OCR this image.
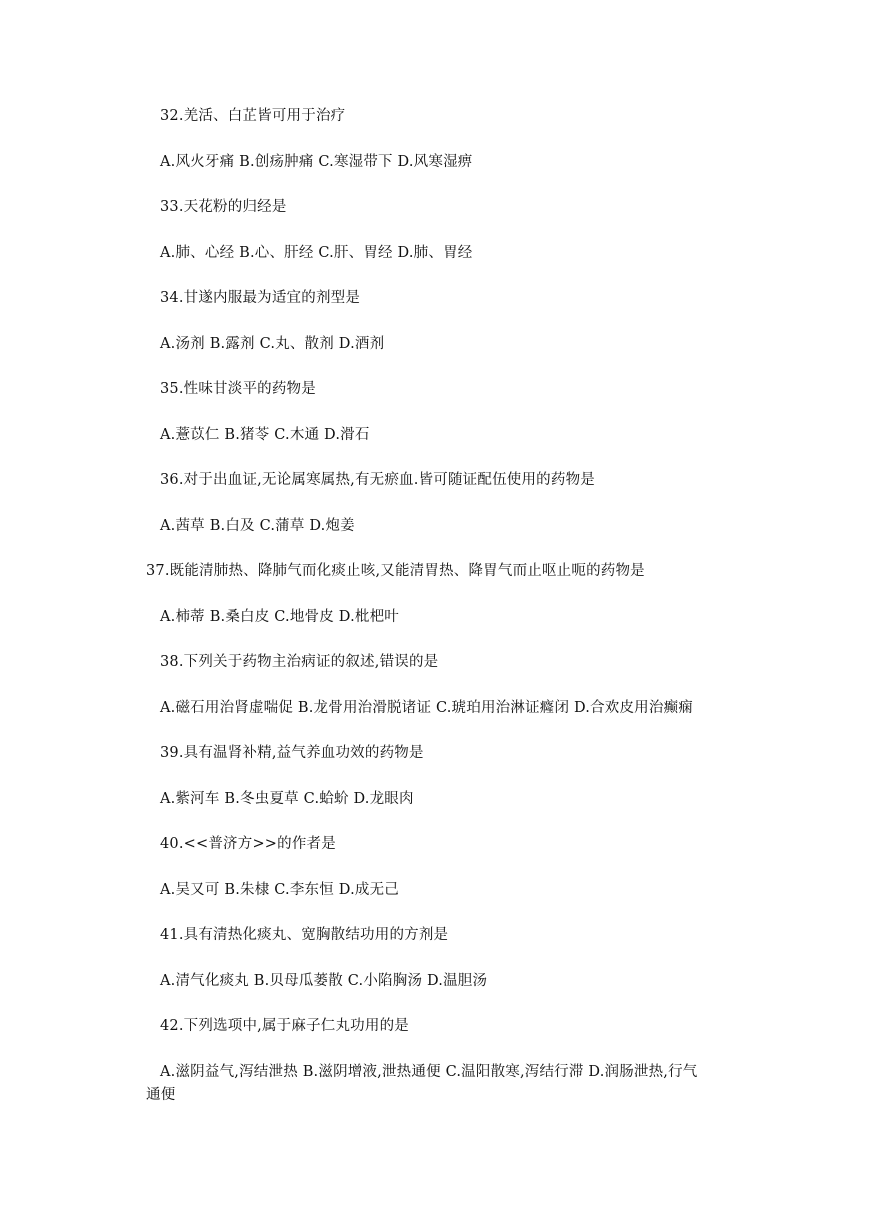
32.羌活、白芷皆可用于治疗
A.风火牙痛 B.创疡肿痛 C.寒湿带下 D.风寒湿痹
33.天花粉的归经是
A.肺、心经 B.心、肝经 C.肝、胃经 D.肺、胃经
34.甘遂内服最为适宜的剂型是
A.汤剂 B.露剂 C.丸、散剂 D.酒剂
35.性味甘淡平的药物是
A.薏苡仁 B.猪苓 C.木通 D.滑石
36.对于出血证,无论属寒属热,有无瘀血.皆可随证配伍使用的药物是
A.茜草 B.白及 C.蒲草 D.炮姜
37.既能清肺热、降肺气而化痰止咳,又能清胃热、降胃气而止呕止呃的药物是
A.柿蒂 B.桑白皮 C.地骨皮 D.枇杷叶
38.下列关于药物主治病证的叙述,错误的是
A.磁石用治肾虚喘促 B.龙骨用治滑脱诸证 C.琥珀用治淋证癃闭 D.合欢皮用治癫痫
39.具有温肾补精,益气养血功效的药物是
A.紫河车 B.冬虫夏草 C.蛤蚧 D.龙眼肉
40.<<普济方>>的作者是
A.吴又可 B.朱棣 C.李东恒 D.成无己
41.具有清热化痰丸、宽胸散结功用的方剂是
A.清气化痰丸 B.贝母瓜蒌散 C.小陷胸汤 D.温胆汤
42.下列选项中,属于麻子仁丸功用的是
A.滋阴益气,泻结泄热 B.滋阴增液,泄热通便 C.温阳散寒,泻结行滞 D.润肠泄热,行气
通便
